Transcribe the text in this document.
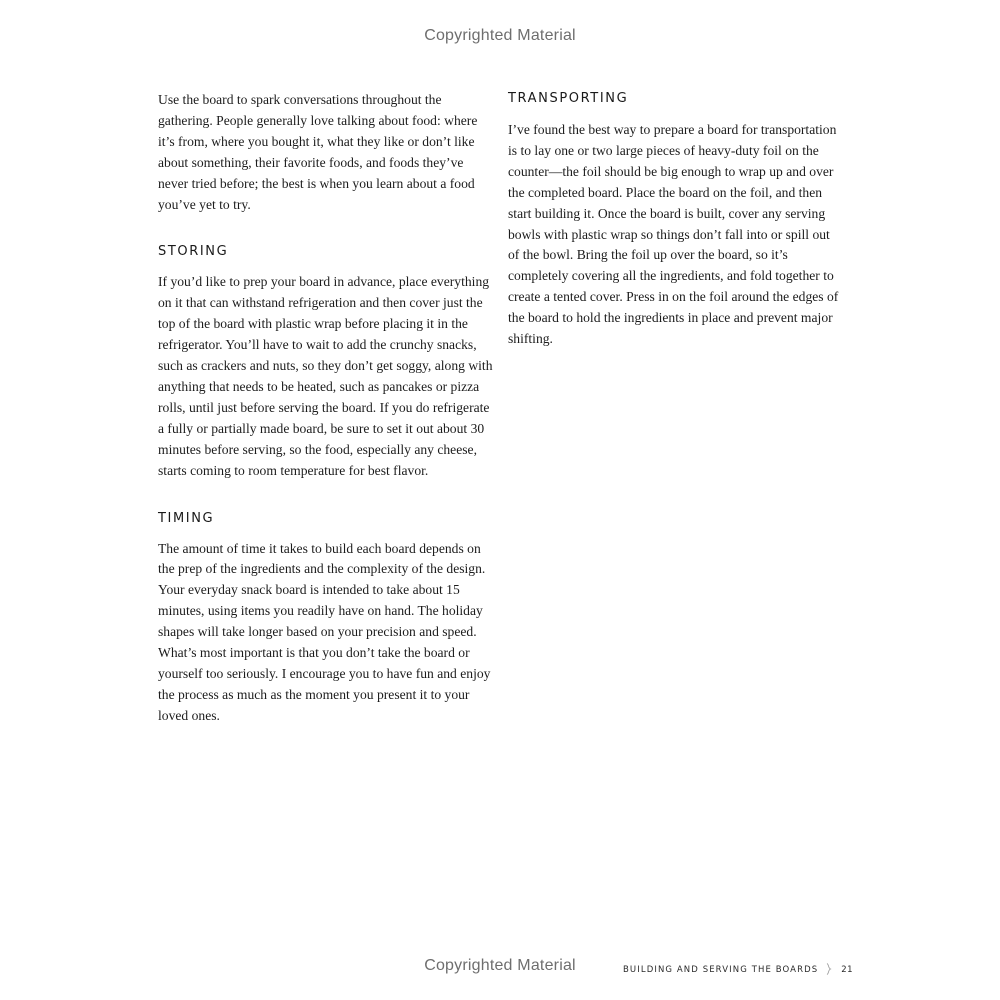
Copyrighted Material

Use the board to spark conversations throughout the gathering. People generally love talking about food: where it’s from, where you bought it, what they like or don’t like about something, their favorite foods, and foods they’ve never tried before; the best is when you learn about a food you’ve yet to try.

STORING

If you’d like to prep your board in advance, place everything on it that can withstand refrigeration and then cover just the top of the board with plastic wrap before placing it in the refrigerator. You’ll have to wait to add the crunchy snacks, such as crackers and nuts, so they don’t get soggy, along with anything that needs to be heated, such as pancakes or pizza rolls, until just before serving the board. If you do refrigerate a fully or partially made board, be sure to set it out about 30 minutes before serving, so the food, especially any cheese, starts coming to room temperature for best flavor.

TIMING

The amount of time it takes to build each board depends on the prep of the ingredients and the complexity of the design. Your everyday snack board is intended to take about 15 minutes, using items you readily have on hand. The holiday shapes will take longer based on your precision and speed. What’s most important is that you don’t take the board or yourself too seriously. I encourage you to have fun and enjoy the process as much as the moment you present it to your loved ones.

TRANSPORTING

I’ve found the best way to prepare a board for transportation is to lay one or two large pieces of heavy-duty foil on the counter—the foil should be big enough to wrap up and over the completed board. Place the board on the foil, and then start building it. Once the board is built, cover any serving bowls with plastic wrap so things don’t fall into or spill out of the bowl. Bring the foil up over the board, so it’s completely covering all the ingredients, and fold together to create a tented cover. Press in on the foil around the edges of the board to hold the ingredients in place and prevent major shifting.

BUILDING AND SERVING THE BOARDS	21
Copyrighted Material
